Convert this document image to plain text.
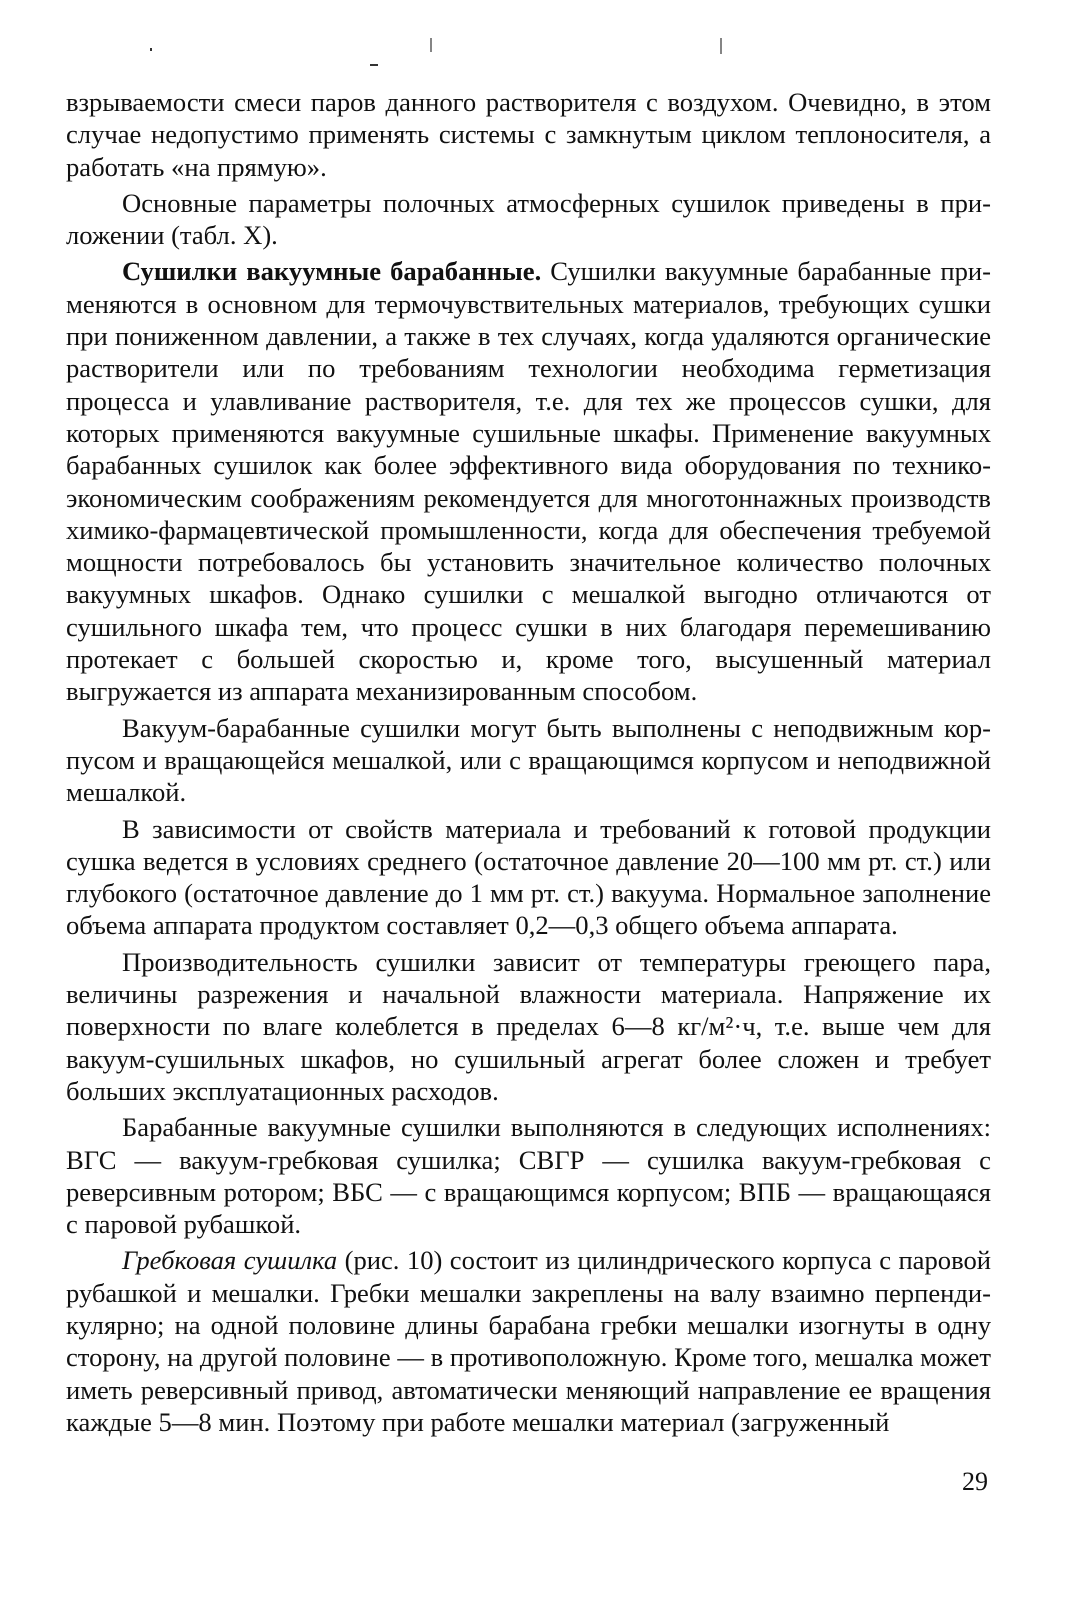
взрываемости смеси паров данного растворителя с воздухом. Очевидно, в этом случае недопустимо применять системы с замкнутым циклом теплоносителя, а работать «на прямую».

Основные параметры полочных атмосферных сушилок приведены в приложении (табл. X).

Сушилки вакуумные барабанные. Сушилки вакуумные барабанные применяются в основном для термочувствительных материалов, требующих сушки при пониженном давлении, а также в тех случаях, когда удаляются органические растворители или по требованиям технологии необходима герметизация процесса и улавливание растворителя, т.е. для тех же процессов сушки, для которых применяются вакуумные сушильные шкафы. Применение вакуумных барабанных сушилок как более эффективного вида оборудования по технико-экономическим соображениям рекомендуется для многотоннажных производств химико-фармацевтической промышленности, когда для обеспечения требуемой мощности потребовалось бы установить значительное количество полочных вакуумных шкафов. Однако сушилки с мешалкой выгодно отличаются от сушильного шкафа тем, что процесс сушки в них благодаря перемешиванию протекает с большей скоростью и, кроме того, высушенный материал выгружается из аппарата механизированным способом.

Вакуум-барабанные сушилки могут быть выполнены с неподвижным корпусом и вращающейся мешалкой, или с вращающимся корпусом и неподвижной мешалкой.

В зависимости от свойств материала и требований к готовой продукции сушка ведется в условиях среднего (остаточное давление 20—100 мм рт. ст.) или глубокого (остаточное давление до 1 мм рт. ст.) вакуума. Нормальное заполнение объема аппарата продуктом составляет 0,2—0,3 общего объема аппарата.

Производительность сушилки зависит от температуры греющего пара, величины разрежения и начальной влажности материала. Напряжение их поверхности по влаге колеблется в пределах 6—8 кг/м²·ч, т.е. выше чем для вакуум-сушильных шкафов, но сушильный агрегат более сложен и требует больших эксплуатационных расходов.

Барабанные вакуумные сушилки выполняются в следующих исполнениях: ВГС — вакуум-гребковая сушилка; СВГР — сушилка вакуум-гребковая с реверсивным ротором; ВБС — с вращающимся корпусом; ВПБ — вращающаяся с паровой рубашкой.

Гребковая сушилка (рис. 10) состоит из цилиндрического корпуса с паровой рубашкой и мешалки. Гребки мешалки закреплены на валу взаимно перпендикулярно; на одной половине длины барабана гребки мешалки изогнуты в одну сторону, на другой половине — в противоположную. Кроме того, мешалка может иметь реверсивный привод, автоматически меняющий направление ее вращения каждые 5—8 мин. Поэтому при работе мешалки материал (загруженный

29
